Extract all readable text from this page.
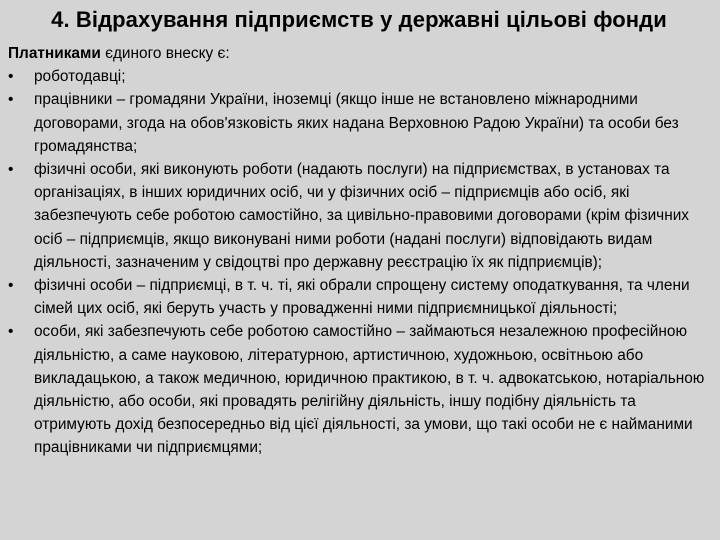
4. Відрахування підприємств у державні цільові фонди

Платниками єдиного внеску є:

•	роботодавці;
•	працівники – громадяни України, іноземці (якщо інше не встановлено міжнародними договорами, згода на обов'язковість яких надана Верховною Радою України) та особи без громадянства;
•	фізичні особи, які виконують роботи (надають послуги) на підприємствах, в установах та організаціях, в інших юридичних осіб, чи у фізичних осіб – підприємців або осіб, які забезпечують себе роботою самостійно, за цивільно-правовими договорами (крім фізичних осіб – підприємців, якщо виконувані ними роботи (надані послуги) відповідають видам діяльності, зазначеним у свідоцтві про державну реєстрацію їх як підприємців);
•	фізичні особи – підприємці, в т. ч. ті, які обрали спрощену систему оподаткування, та члени сімей цих осіб, які беруть участь у провадженні ними підприємницької діяльності;
•	особи, які забезпечують себе роботою самостійно – займаються незалежною професійною діяльністю, а саме науковою, літературною, артистичною, художньою, освітньою або викладацькою, а також медичною, юридичною практикою, в т. ч. адвокатською, нотаріальною діяльністю, або особи, які провадять релігійну діяльність, іншу подібну діяльність та отримують дохід безпосередньо від цієї діяльності, за умови, що такі особи не є найманими працівниками чи підприємцями;
